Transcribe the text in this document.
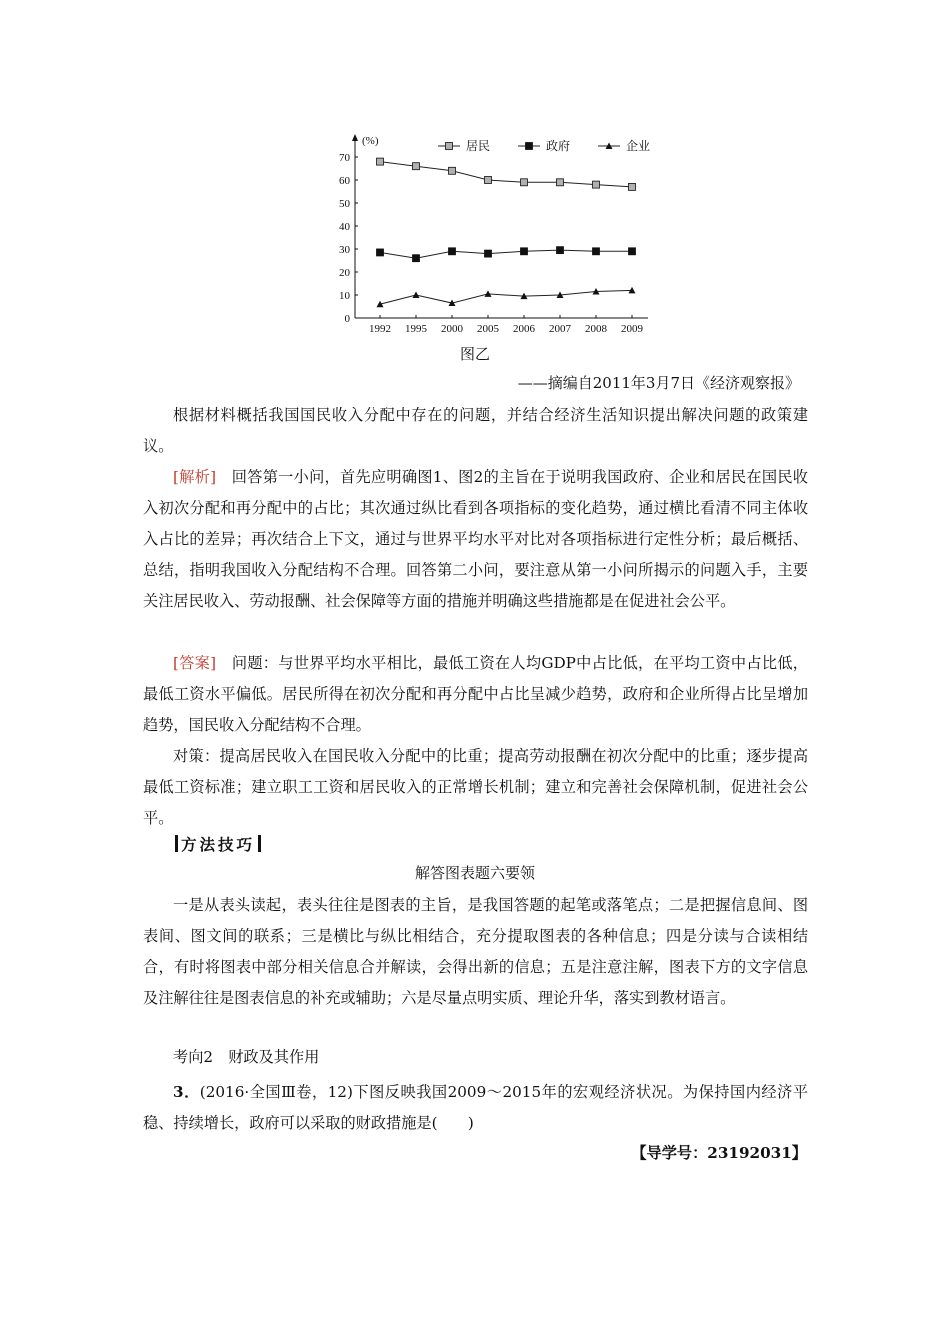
(%)
0
10
20
30
40
50
60
70
1992 1995 2000 2005 2006 2007 2008 2009
居民	政府	企业
图乙
——摘编自2011年3月7日《经济观察报》

根据材料概括我国国民收入分配中存在的问题，并结合经济生活知识提出解决问题的政策建议。

[解析]　回答第一小问，首先应明确图1、图2的主旨在于说明我国政府、企业和居民在国民收入初次分配和再分配中的占比；其次通过纵比看到各项指标的变化趋势，通过横比看清不同主体收入占比的差异；再次结合上下文，通过与世界平均水平对比对各项指标进行定性分析；最后概括、总结，指明我国收入分配结构不合理。回答第二小问，要注意从第一小问所揭示的问题入手，主要关注居民收入、劳动报酬、社会保障等方面的措施并明确这些措施都是在促进社会公平。

[答案]　问题：与世界平均水平相比，最低工资在人均GDP中占比低，在平均工资中占比低，最低工资水平偏低。居民所得在初次分配和再分配中占比呈减少趋势，政府和企业所得占比呈增加趋势，国民收入分配结构不合理。

对策：提高居民收入在国民收入分配中的比重；提高劳动报酬在初次分配中的比重；逐步提高最低工资标准；建立职工工资和居民收入的正常增长机制；建立和完善社会保障机制，促进社会公平。

方法技巧
解答图表题六要领

一是从表头读起，表头往往是图表的主旨，是我国答题的起笔或落笔点；二是把握信息间、图表间、图文间的联系；三是横比与纵比相结合，充分提取图表的各种信息；四是分读与合读相结合，有时将图表中部分相关信息合并解读，会得出新的信息；五是注意注解，图表下方的文字信息及注解往往是图表信息的补充或辅助；六是尽量点明实质、理论升华，落实到教材语言。

考向2　财政及其作用

3．(2016·全国Ⅲ卷，12)下图反映我国2009～2015年的宏观经济状况。为保持国内经济平稳、持续增长，政府可以采取的财政措施是(　　)

【导学号：23192031】
